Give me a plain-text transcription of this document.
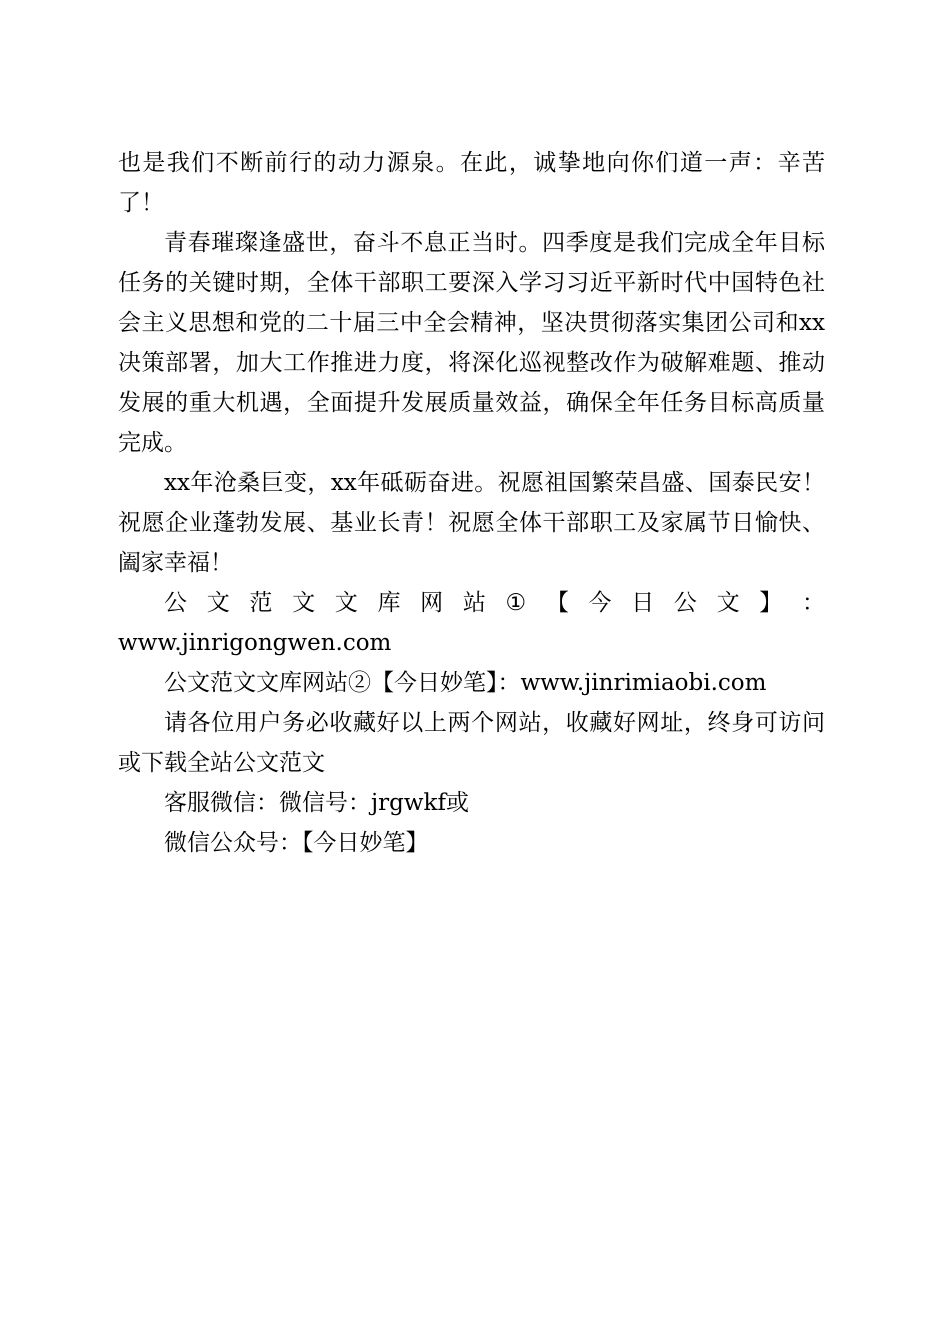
也是我们不断前行的动力源泉。在此，诚挚地向你们道一声：辛苦了！

青春璀璨逢盛世，奋斗不息正当时。四季度是我们完成全年目标任务的关键时期，全体干部职工要深入学习习近平新时代中国特色社会主义思想和党的二十届三中全会精神，坚决贯彻落实集团公司和xx决策部署，加大工作推进力度，将深化巡视整改作为破解难题、推动发展的重大机遇，全面提升发展质量效益，确保全年任务目标高质量完成。

xx年沧桑巨变，xx年砥砺奋进。祝愿祖国繁荣昌盛、国泰民安！祝愿企业蓬勃发展、基业长青！祝愿全体干部职工及家属节日愉快、阖家幸福！

公 文 范 文 文 库 网 站 ① 【 今 日 公 文 】 ：
www.jinrigongwen.com

公文范文文库网站②【今日妙笔】：www.jinrimiaobi.com

请各位用户务必收藏好以上两个网站，收藏好网址，终身可访问或下载全站公文范文

客服微信：微信号：jrgwkf或

微信公众号：【今日妙笔】
